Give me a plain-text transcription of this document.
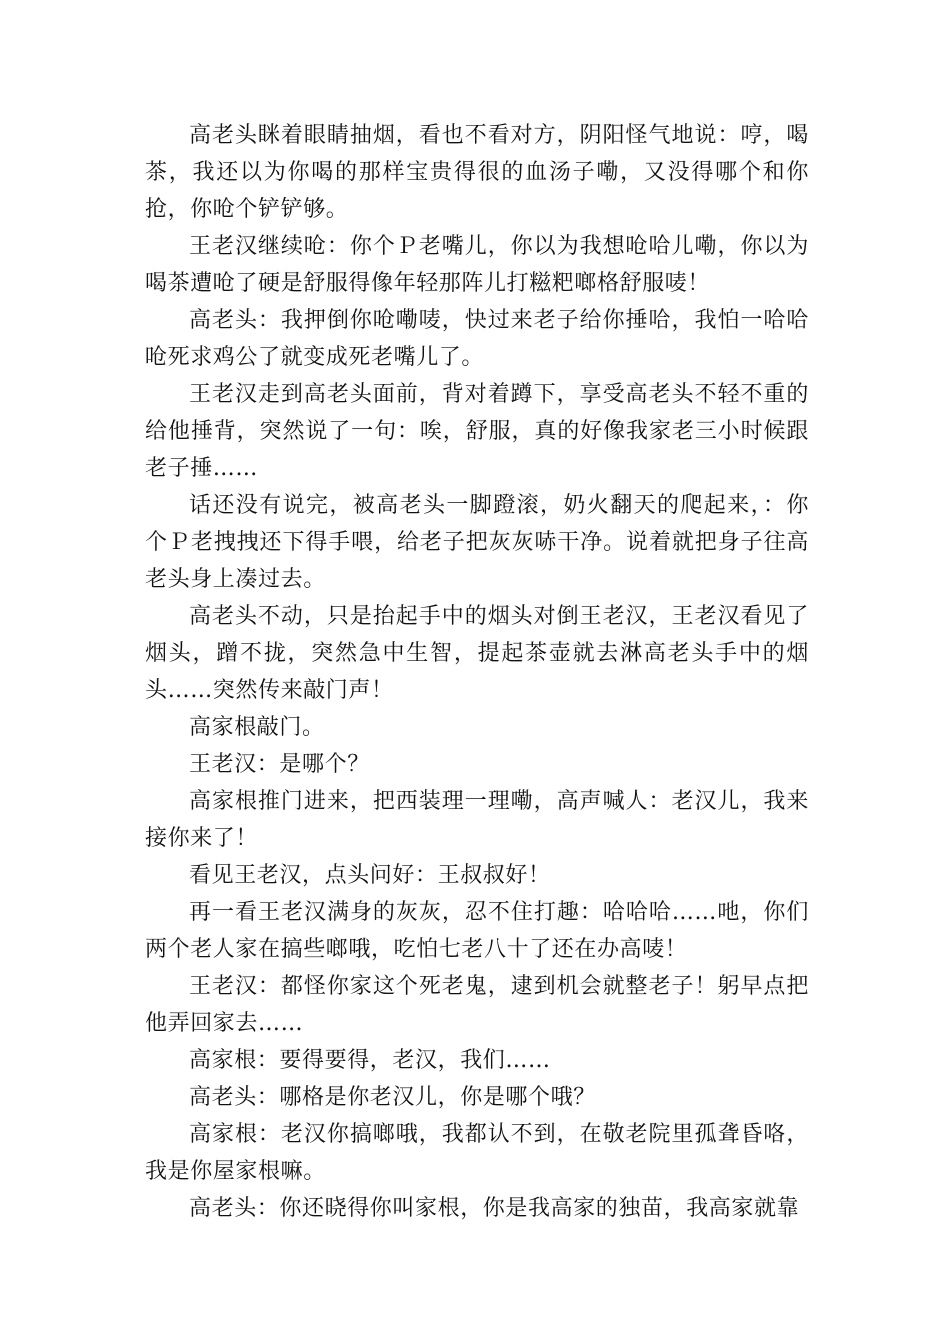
高老头眯着眼睛抽烟，看也不看对方，阴阳怪气地说：哼，喝茶，我还以为你喝的那样宝贵得很的血汤子嘞，又没得哪个和你抢，你呛个铲铲够。

王老汉继续呛：你个Ｐ老嘴儿，你以为我想呛哈儿嘞，你以为喝茶遭呛了硬是舒服得像年轻那阵儿打糍粑啷格舒服唛！

高老头：我押倒你呛嘞唛，快过来老子给你捶哈，我怕一哈哈呛死求鸡公了就变成死老嘴儿了。

王老汉走到高老头面前，背对着蹲下，享受高老头不轻不重的给他捶背，突然说了一句：唉，舒服，真的好像我家老三小时候跟老子捶……

话还没有说完，被高老头一脚蹬滚，奶火翻天的爬起来，：你个Ｐ老拽拽还下得手喂，给老子把灰灰哧干净。说着就把身子往高老头身上凑过去。

高老头不动，只是抬起手中的烟头对倒王老汉，王老汉看见了烟头，蹭不拢，突然急中生智，提起茶壶就去淋高老头手中的烟头……突然传来敲门声！

高家根敲门。

王老汉：是哪个？

高家根推门进来，把西装理一理嘞，高声喊人：老汉儿，我来接你来了！

看见王老汉，点头问好：王叔叔好！

再一看王老汉满身的灰灰，忍不住打趣：哈哈哈……吔，你们两个老人家在搞些啷哦，吃怕七老八十了还在办高唛！

王老汉：都怪你家这个死老鬼，逮到机会就整老子！躬早点把他弄回家去……

高家根：要得要得，老汉，我们……

高老头：哪格是你老汉儿，你是哪个哦？

高家根：老汉你搞啷哦，我都认不到，在敬老院里孤聋昏咯，我是你屋家根嘛。

高老头：你还晓得你叫家根，你是我高家的独苗，我高家就靠
